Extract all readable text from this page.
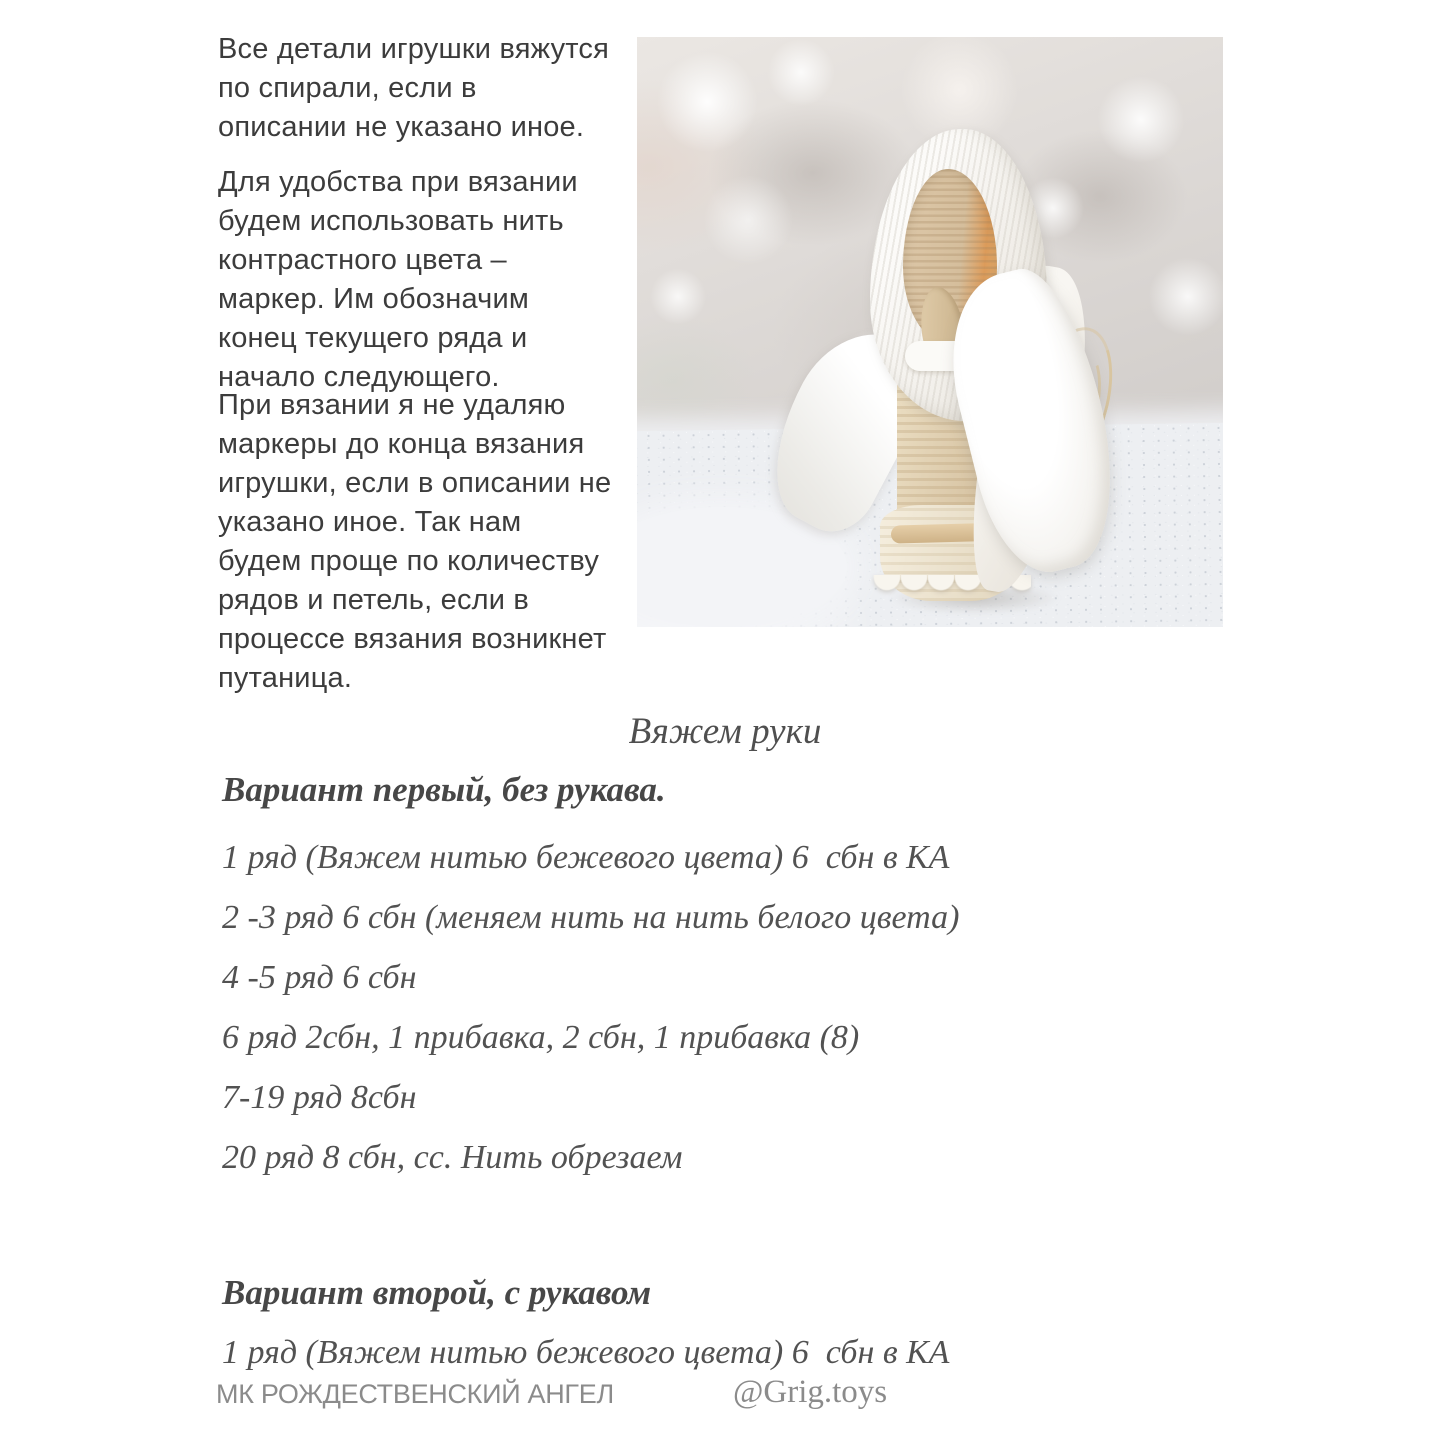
Все детали игрушки вяжутся
по спирали, если в
описании не указано иное.
Для удобства при вязании
будем использовать нить
контрастного цвета –
маркер. Им обозначим
конец текущего ряда и
начало следующего.
При вязании я не удаляю
маркеры до конца вязания
игрушки, если в описании не
указано иное. Так нам
будем проще по количеству
рядов и петель, если в
процессе вязания возникнет
путаница.
Вяжем руки
Вариант первый, без рукава.
1 ряд (Вяжем нитью бежевого цвета) 6  сбн в КА
2 -3 ряд 6 сбн (меняем нить на нить белого цвета)
4 -5 ряд 6 сбн
6 ряд 2сбн, 1 прибавка, 2 сбн, 1 прибавка (8)
7-19 ряд 8сбн
20 ряд 8 сбн, сс. Нить обрезаем
Вариант второй, с рукавом
1 ряд (Вяжем нитью бежевого цвета) 6  сбн в КА
МК РОЖДЕСТВЕНСКИЙ АНГЕЛ	@Grig.toys
